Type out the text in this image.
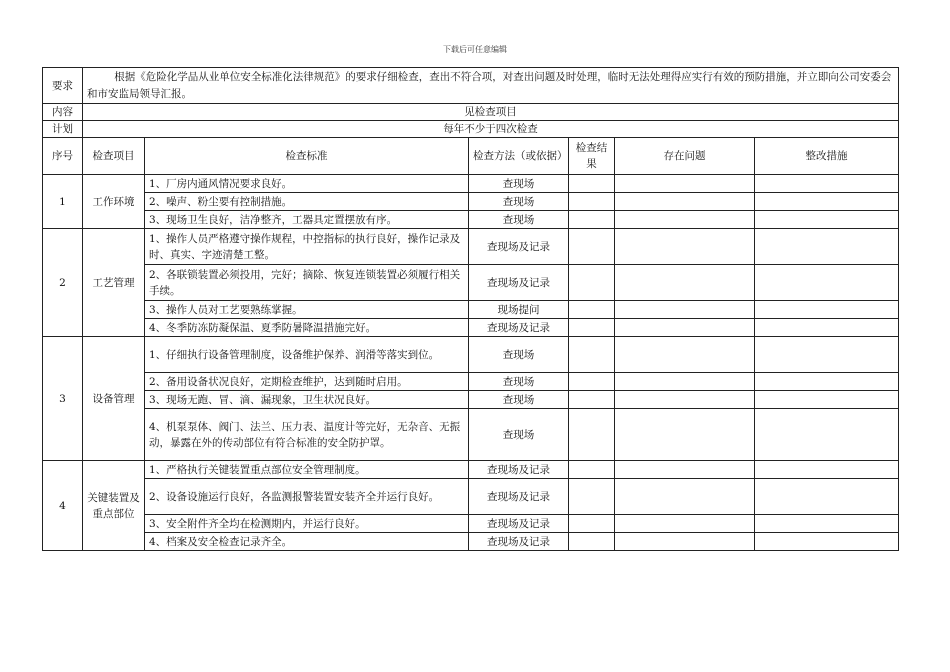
下载后可任意编辑
要求	根据《危险化学品从业单位安全标准化法律规范》的要求仔细检查，查出不符合项，对查出问题及时处理，临时无法处理得应实行有效的预防措施，并立即向公司安委会和市安监局领导汇报。					
内容	见检查项目					
计划	每年不少于四次检查					
序号	检查项目	检查标准	检查方法（或依据）	检查结果	存在问题	整改措施
1	工作环境	1、厂房内通风情况要求良好。	查现场			
		2、噪声、粉尘要有控制措施。	查现场			
		3、现场卫生良好，洁净整齐，工器具定置摆放有序。	查现场			
2	工艺管理	1、操作人员严格遵守操作规程，中控指标的执行良好，操作记录及时、真实、字迹清楚工整。	查现场及记录			
		2、各联锁装置必须投用，完好；摘除、恢复连锁装置必须履行相关手续。	查现场及记录			
		3、操作人员对工艺要熟练掌握。	现场提问			
		4、冬季防冻防凝保温、夏季防暑降温措施完好。	查现场及记录			
3	设备管理	1、仔细执行设备管理制度，设备维护保养、润滑等落实到位。	查现场			
		2、备用设备状况良好，定期检查维护，达到随时启用。	查现场			
		3、现场无跑、冒、滴、漏现象，卫生状况良好。	查现场			
		4、机泵泵体、阀门、法兰、压力表、温度计等完好，无杂音、无振动，暴露在外的传动部位有符合标准的安全防护罩。	查现场			
4	关键装置及重点部位	1、严格执行关键装置重点部位安全管理制度。	查现场及记录			
		2、设备设施运行良好，各监测报警装置安装齐全并运行良好。	查现场及记录			
		3、安全附件齐全均在检测期内，并运行良好。	查现场及记录			
		4、档案及安全检查记录齐全。	查现场及记录			
